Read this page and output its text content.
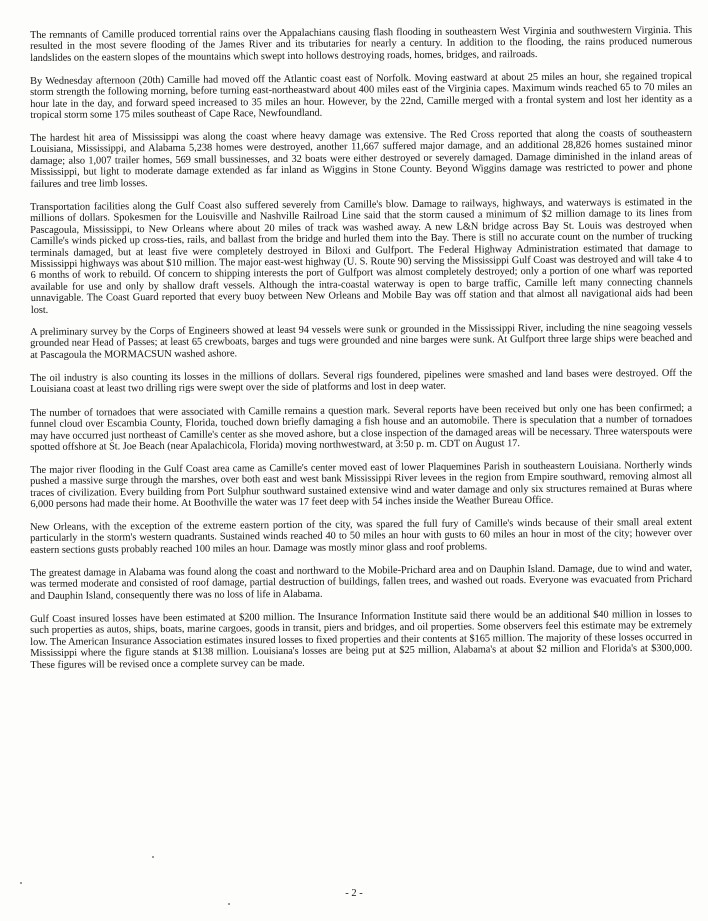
The remnants of Camille produced torrential rains over the Appalachians causing flash flooding in southeastern West Virginia and southwestern Virginia. This resulted in the most severe flooding of the James River and its tributaries for nearly a century. In addition to the flooding, the rains produced numerous landslides on the eastern slopes of the mountains which swept into hollows destroying roads, homes, bridges, and railroads.

By Wednesday afternoon (20th) Camille had moved off the Atlantic coast east of Norfolk. Moving eastward at about 25 miles an hour, she regained tropical storm strength the following morning, before turning east-northeastward about 400 miles east of the Virginia capes. Maximum winds reached 65 to 70 miles an hour late in the day, and forward speed increased to 35 miles an hour. However, by the 22nd, Camille merged with a frontal system and lost her identity as a tropical storm some 175 miles southeast of Cape Race, Newfoundland.

The hardest hit area of Mississippi was along the coast where heavy damage was extensive. The Red Cross reported that along the coasts of southeastern Louisiana, Mississippi, and Alabama 5,238 homes were destroyed, another 11,667 suffered major damage, and an additional 28,826 homes sustained minor damage; also 1,007 trailer homes, 569 small bussinesses, and 32 boats were either destroyed or severely damaged. Damage diminished in the inland areas of Mississippi, but light to moderate damage extended as far inland as Wiggins in Stone County. Beyond Wiggins damage was restricted to power and phone failures and tree limb losses.

Transportation facilities along the Gulf Coast also suffered severely from Camille's blow. Damage to railways, highways, and waterways is estimated in the millions of dollars. Spokesmen for the Louisville and Nashville Railroad Line said that the storm caused a minimum of $2 million damage to its lines from Pascagoula, Mississippi, to New Orleans where about 20 miles of track was washed away. A new L&N bridge across Bay St. Louis was destroyed when Camille's winds picked up cross-ties, rails, and ballast from the bridge and hurled them into the Bay. There is still no accurate count on the number of trucking terminals damaged, but at least five were completely destroyed in Biloxi and Gulfport. The Federal Highway Administration estimated that damage to Mississippi highways was about $10 million. The major east-west highway (U. S. Route 90) serving the Mississippi Gulf Coast was destroyed and will take 4 to 6 months of work to rebuild. Of concern to shipping interests the port of Gulfport was almost completely destroyed; only a portion of one wharf was reported available for use and only by shallow draft vessels. Although the intra-coastal waterway is open to barge traffic, Camille left many connecting channels unnavigable. The Coast Guard reported that every buoy between New Orleans and Mobile Bay was off station and that almost all navigational aids had been lost.

A preliminary survey by the Corps of Engineers showed at least 94 vessels were sunk or grounded in the Mississippi River, including the nine seagoing vessels grounded near Head of Passes; at least 65 crewboats, barges and tugs were grounded and nine barges were sunk. At Gulfport three large ships were beached and at Pascagoula the MORMACSUN washed ashore.

The oil industry is also counting its losses in the millions of dollars. Several rigs foundered, pipelines were smashed and land bases were destroyed. Off the Louisiana coast at least two drilling rigs were swept over the side of platforms and lost in deep water.

The number of tornadoes that were associated with Camille remains a question mark. Several reports have been received but only one has been confirmed; a funnel cloud over Escambia County, Florida, touched down briefly damaging a fish house and an automobile. There is speculation that a number of tornadoes may have occurred just northeast of Camille's center as she moved ashore, but a close inspection of the damaged areas will be necessary. Three waterspouts were spotted offshore at St. Joe Beach (near Apalachicola, Florida) moving northwestward, at 3:50 p. m. CDT on August 17.

The major river flooding in the Gulf Coast area came as Camille's center moved east of lower Plaquemines Parish in southeastern Louisiana. Northerly winds pushed a massive surge through the marshes, over both east and west bank Mississippi River levees in the region from Empire southward, removing almost all traces of civilization. Every building from Port Sulphur southward sustained extensive wind and water damage and only six structures remained at Buras where 6,000 persons had made their home. At Boothville the water was 17 feet deep with 54 inches inside the Weather Bureau Office.

New Orleans, with the exception of the extreme eastern portion of the city, was spared the full fury of Camille's winds because of their small areal extent particularly in the storm's western quadrants. Sustained winds reached 40 to 50 miles an hour with gusts to 60 miles an hour in most of the city; however over eastern sections gusts probably reached 100 miles an hour. Damage was mostly minor glass and roof problems.

The greatest damage in Alabama was found along the coast and northward to the Mobile-Prichard area and on Dauphin Island. Damage, due to wind and water, was termed moderate and consisted of roof damage, partial destruction of buildings, fallen trees, and washed out roads. Everyone was evacuated from Prichard and Dauphin Island, consequently there was no loss of life in Alabama.

Gulf Coast insured losses have been estimated at $200 million. The Insurance Information Institute said there would be an additional $40 million in losses to such properties as autos, ships, boats, marine cargoes, goods in transit, piers and bridges, and oil properties. Some observers feel this estimate may be extremely low. The American Insurance Association estimates insured losses to fixed properties and their contents at $165 million. The majority of these losses occurred in Mississippi where the figure stands at $138 million. Louisiana's losses are being put at $25 million, Alabama's at about $2 million and Florida's at $300,000. These figures will be revised once a complete survey can be made.

- 2 -
